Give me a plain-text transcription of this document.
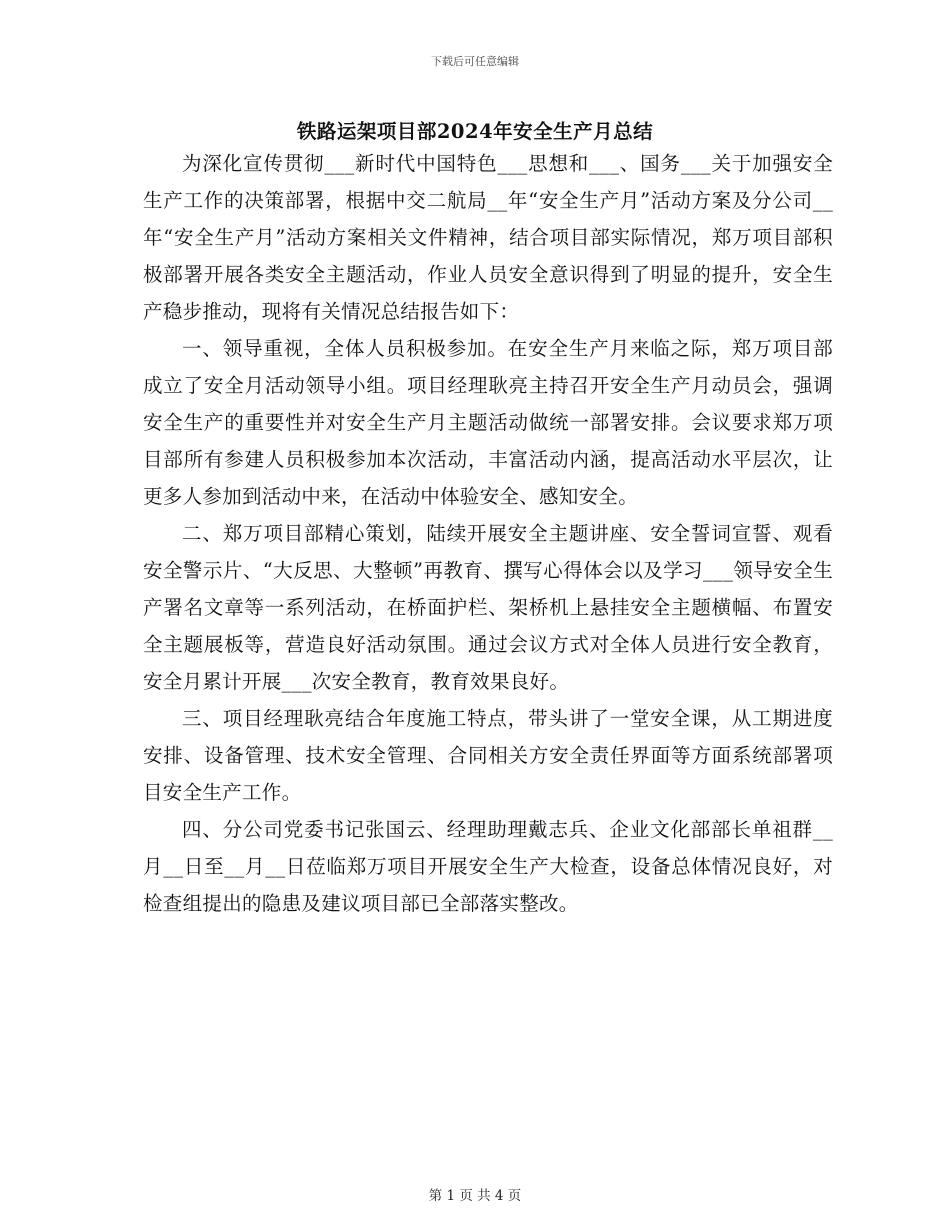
下载后可任意编辑
铁路运架项目部2024年安全生产月总结

为深化宣传贯彻___新时代中国特色___思想和___、国务___关于加强安全生产工作的决策部署，根据中交二航局__年“安全生产月”活动方案及分公司__年“安全生产月”活动方案相关文件精神，结合项目部实际情况，郑万项目部积极部署开展各类安全主题活动，作业人员安全意识得到了明显的提升，安全生产稳步推动，现将有关情况总结报告如下：

一、领导重视，全体人员积极参加。在安全生产月来临之际，郑万项目部成立了安全月活动领导小组。项目经理耿亮主持召开安全生产月动员会，强调安全生产的重要性并对安全生产月主题活动做统一部署安排。会议要求郑万项目部所有参建人员积极参加本次活动，丰富活动内涵，提高活动水平层次，让更多人参加到活动中来，在活动中体验安全、感知安全。

二、郑万项目部精心策划，陆续开展安全主题讲座、安全誓词宣誓、观看安全警示片、“大反思、大整顿”再教育、撰写心得体会以及学习___领导安全生产署名文章等一系列活动，在桥面护栏、架桥机上悬挂安全主题横幅、布置安全主题展板等，营造良好活动氛围。通过会议方式对全体人员进行安全教育，安全月累计开展___次安全教育，教育效果良好。

三、项目经理耿亮结合年度施工特点，带头讲了一堂安全课，从工期进度安排、设备管理、技术安全管理、合同相关方安全责任界面等方面系统部署项目安全生产工作。

四、分公司党委书记张国云、经理助理戴志兵、企业文化部部长单祖群__月__日至__月__日莅临郑万项目开展安全生产大检查，设备总体情况良好，对检查组提出的隐患及建议项目部已全部落实整改。

第 1 页 共 4 页
